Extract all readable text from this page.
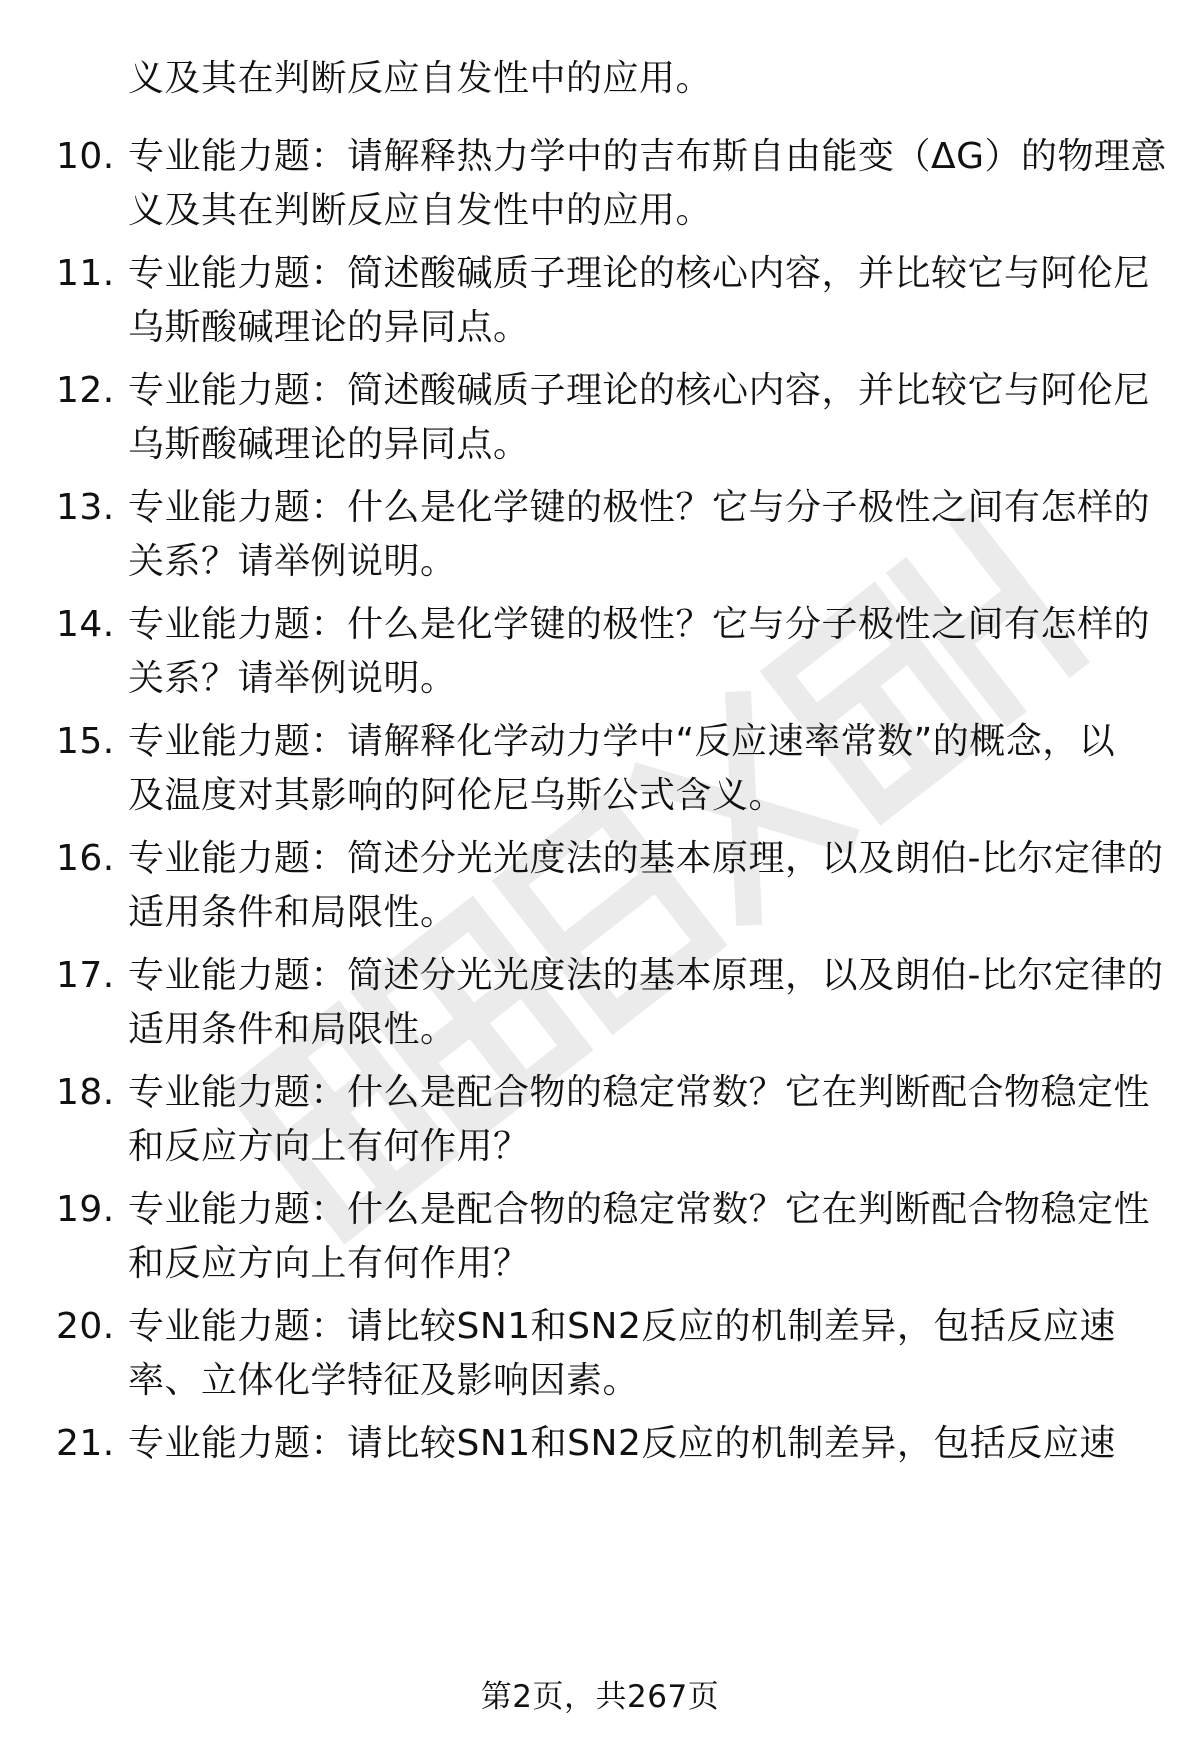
义及其在判断反应自发性中的应用。
10. 专业能力题：请解释热力学中的吉布斯自由能变（ΔG）的物理意
义及其在判断反应自发性中的应用。
11. 专业能力题：简述酸碱质子理论的核心内容，并比较它与阿伦尼
乌斯酸碱理论的异同点。
12. 专业能力题：简述酸碱质子理论的核心内容，并比较它与阿伦尼
乌斯酸碱理论的异同点。
13. 专业能力题：什么是化学键的极性？它与分子极性之间有怎样的
关系？请举例说明。
14. 专业能力题：什么是化学键的极性？它与分子极性之间有怎样的
关系？请举例说明。
15. 专业能力题：请解释化学动力学中“反应速率常数”的概念，以
及温度对其影响的阿伦尼乌斯公式含义。
16. 专业能力题：简述分光光度法的基本原理，以及朗伯-比尔定律的
适用条件和局限性。
17. 专业能力题：简述分光光度法的基本原理，以及朗伯-比尔定律的
适用条件和局限性。
18. 专业能力题：什么是配合物的稳定常数？它在判断配合物稳定性
和反应方向上有何作用？
19. 专业能力题：什么是配合物的稳定常数？它在判断配合物稳定性
和反应方向上有何作用？
20. 专业能力题：请比较SN1和SN2反应的机制差异，包括反应速
率、立体化学特征及影响因素。
21. 专业能力题：请比较SN1和SN2反应的机制差异，包括反应速
第2页，共267页
